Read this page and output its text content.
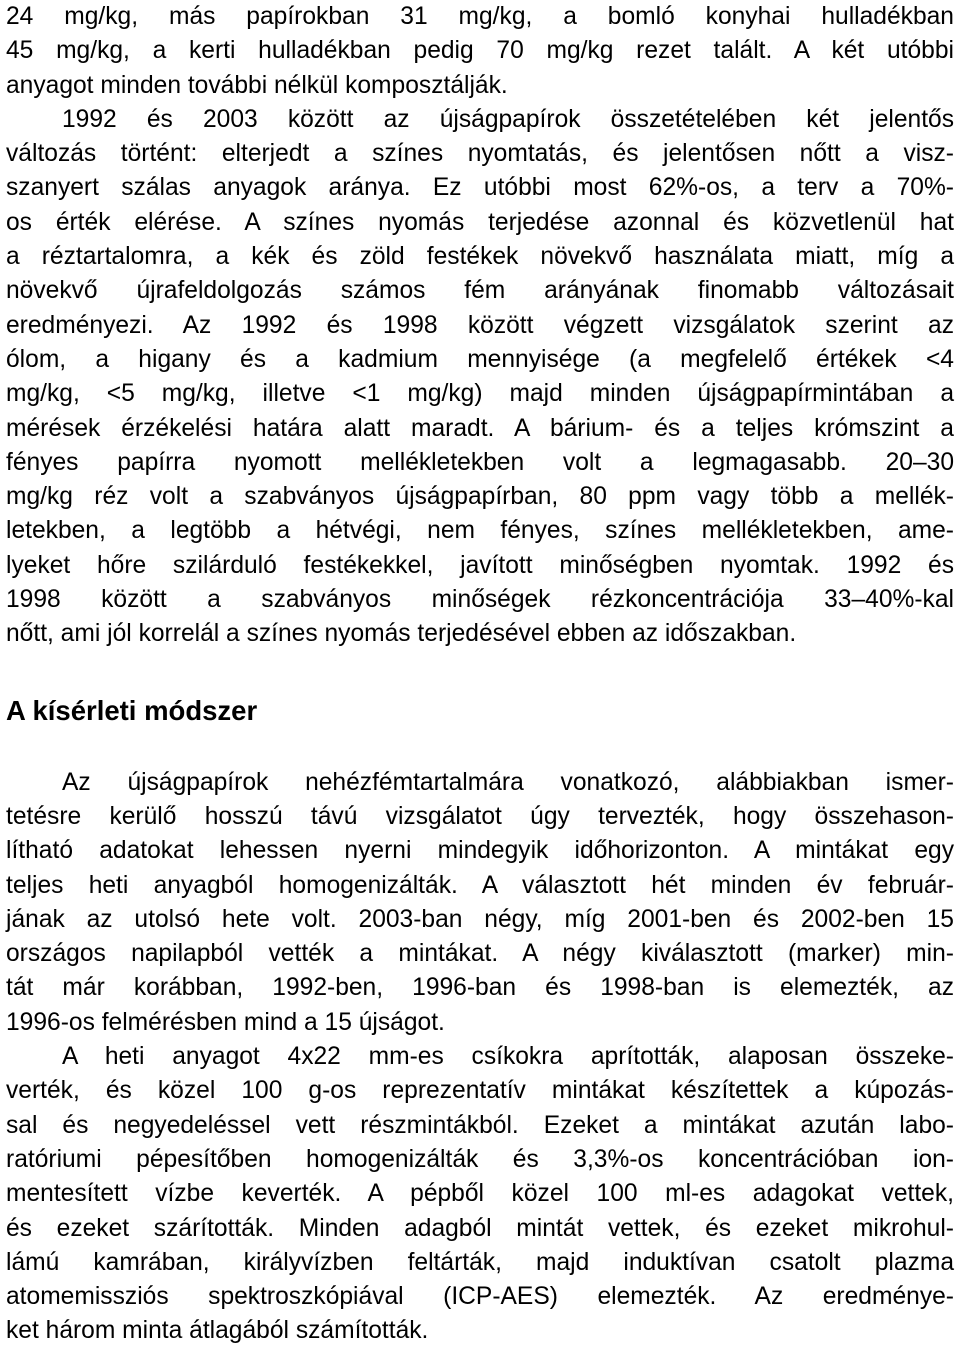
24 mg/kg, más papírokban 31 mg/kg, a bomló konyhai hulladékban
45 mg/kg, a kerti hulladékban pedig 70 mg/kg rezet talált. A két utóbbi
anyagot minden további nélkül komposztálják.
1992 és 2003 között az újságpapírok összetételében két jelentős
változás történt: elterjedt a színes nyomtatás, és jelentősen nőtt a visz-
szanyert szálas anyagok aránya. Ez utóbbi most 62%-os, a terv a 70%-
os érték elérése. A színes nyomás terjedése azonnal és közvetlenül hat
a réztartalomra, a kék és zöld festékek növekvő használata miatt, míg a
növekvő újrafeldolgozás számos fém arányának finomabb változásait
eredményezi. Az 1992 és 1998 között végzett vizsgálatok szerint az
ólom, a higany és a kadmium mennyisége (a megfelelő értékek <4
mg/kg, <5 mg/kg, illetve <1 mg/kg) majd minden újságpapírmintában a
mérések érzékelési határa alatt maradt. A bárium- és a teljes krómszint a
fényes papírra nyomott mellékletekben volt a legmagasabb. 20–30
mg/kg réz volt a szabványos újságpapírban, 80 ppm vagy több a mellék-
letekben, a legtöbb a hétvégi, nem fényes, színes mellékletekben, ame-
lyeket hőre szilárduló festékekkel, javított minőségben nyomtak. 1992 és
1998 között a szabványos minőségek rézkoncentrációja 33–40%-kal
nőtt, ami jól korrelál a színes nyomás terjedésével ebben az időszakban.
A kísérleti módszer
Az újságpapírok nehézfémtartalmára vonatkozó, alábbiakban ismer-
tetésre kerülő hosszú távú vizsgálatot úgy tervezték, hogy összehason-
lítható adatokat lehessen nyerni mindegyik időhorizonton. A mintákat egy
teljes heti anyagból homogenizálták. A választott hét minden év február-
jának az utolsó hete volt. 2003-ban négy, míg 2001-ben és 2002-ben 15
országos napilapból vették a mintákat. A négy kiválasztott (marker) min-
tát már korábban, 1992-ben, 1996-ban és 1998-ban is elemezték, az
1996-os felmérésben mind a 15 újságot.
A heti anyagot 4x22 mm-es csíkokra aprították, alaposan összeke-
verték, és közel 100 g-os reprezentatív mintákat készítettek a kúpozás-
sal és negyedeléssel vett részmintákból. Ezeket a mintákat azután labo-
ratóriumi pépesítőben homogenizálták és 3,3%-os koncentrációban ion-
mentesített vízbe keverték. A pépből közel 100 ml-es adagokat vettek,
és ezeket szárították. Minden adagból mintát vettek, és ezeket mikrohul-
lámú kamrában, királyvízben feltárták, majd induktívan csatolt plazma
atomemissziós spektroszkópiával (ICP-AES) elemezték. Az eredménye-
ket három minta átlagából számították.
